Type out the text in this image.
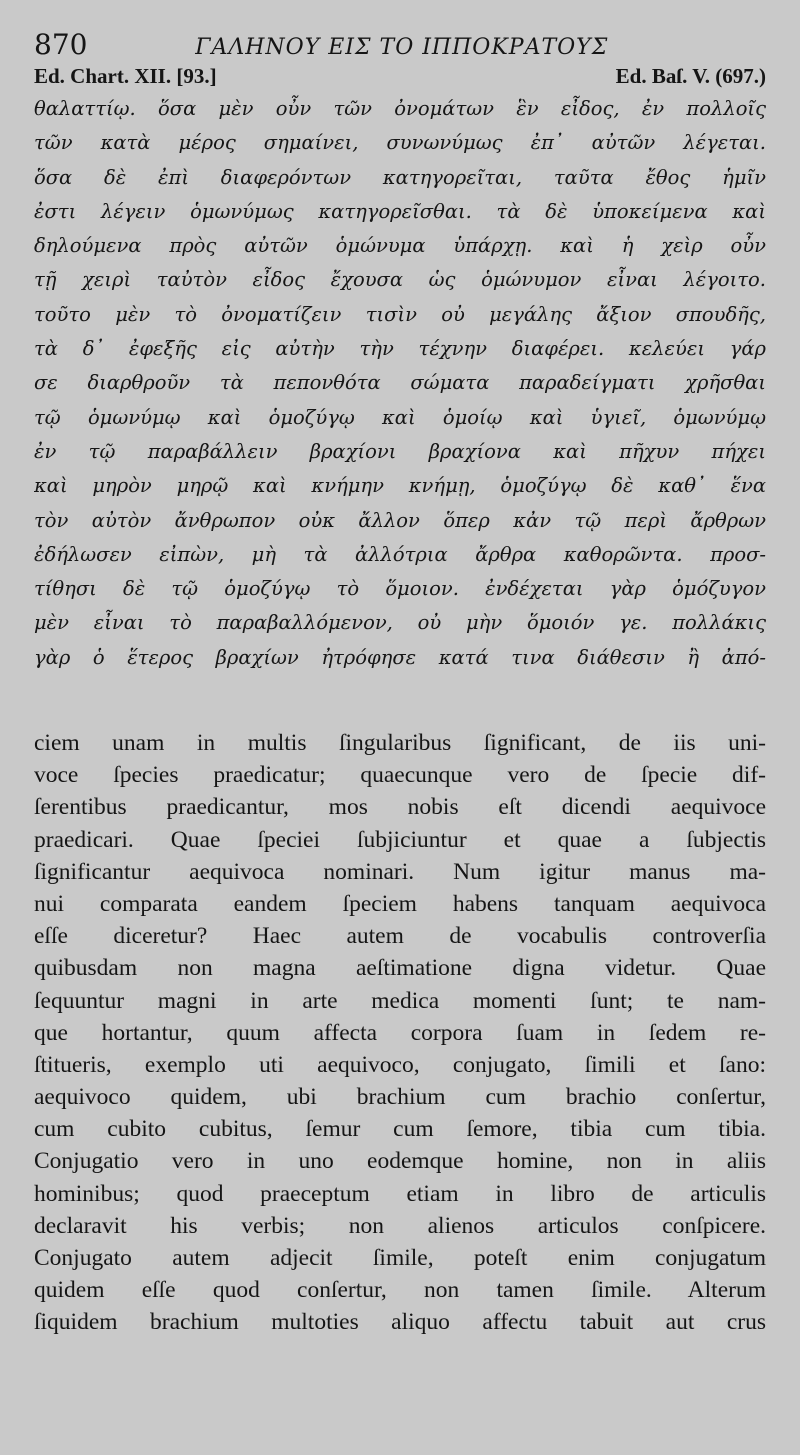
870	ΓΑΛΗΝΟΥ ΕΙΣ ΤΟ ΙΠΠΟΚΡΑΤΟΥΣ
Ed. Chart. XII. [93.]	Ed. Baſ. V. (697.)
θαλαττίῳ. ὅσα μὲν οὖν τῶν ὀνομάτων ἓν εἶδος, ἐν πολλοῖς
τῶν κατὰ μέρος σημαίνει, συνωνύμως ἐπ᾽ αὐτῶν λέγεται.
ὅσα δὲ ἐπὶ διαφερόντων κατηγορεῖται, ταῦτα ἔθος ἡμῖν
ἐστι λέγειν ὁμωνύμως κατηγορεῖσθαι. τὰ δὲ ὑποκείμενα καὶ
δηλούμενα πρὸς αὐτῶν ὁμώνυμα ὑπάρχῃ. καὶ ἡ χεὶρ οὖν
τῇ χειρὶ ταὐτὸν εἶδος ἔχουσα ὡς ὁμώνυμον εἶναι λέγοιτο.
τοῦτο μὲν τὸ ὀνοματίζειν τισὶν οὐ μεγάλης ἄξιον σπουδῆς,
τὰ δ᾽ ἐφεξῆς εἰς αὐτὴν τὴν τέχνην διαφέρει. κελεύει γάρ
σε διαρθροῦν τὰ πεπονθότα σώματα παραδείγματι χρῆσθαι
τῷ ὁμωνύμῳ καὶ ὁμοζύγῳ καὶ ὁμοίῳ καὶ ὑγιεῖ, ὁμωνύμῳ
ἐν τῷ παραβάλλειν βραχίονι βραχίονα καὶ πῆχυν πήχει
καὶ μηρὸν μηρῷ καὶ κνήμην κνήμῃ, ὁμοζύγῳ δὲ καθ᾽ ἕνα
τὸν αὐτὸν ἄνθρωπον οὐκ ἄλλον ὅπερ κἀν τῷ περὶ ἄρθρων
ἐδήλωσεν εἰπὼν, μὴ τὰ ἀλλότρια ἄρθρα καθορῶντα. προσ-
τίθησι δὲ τῷ ὁμοζύγῳ τὸ ὅμοιον. ἐνδέχεται γὰρ ὁμόζυγον
μὲν εἶναι τὸ παραβαλλόμενον, οὐ μὴν ὅμοιόν γε. πολλάκις
γὰρ ὁ ἕτερος βραχίων ἠτρόφησε κατά τινα διάθεσιν ἢ ἀπό-
ciem unam in multis ſingularibus ſignificant, de iis uni-
voce ſpecies praedicatur; quaecunque vero de ſpecie dif-
ſerentibus praedicantur, mos nobis eſt dicendi aequivoce
praedicari. Quae ſpeciei ſubjiciuntur et quae a ſubjectis
ſignificantur aequivoca nominari. Num igitur manus ma-
nui comparata eandem ſpeciem habens tanquam aequivoca
eſſe diceretur? Haec autem de vocabulis controverſia
quibusdam non magna aeſtimatione digna videtur. Quae
ſequuntur magni in arte medica momenti ſunt; te nam-
que hortantur, quum affecta corpora ſuam in ſedem re-
ſtitueris, exemplo uti aequivoco, conjugato, ſimili et ſano:
aequivoco quidem, ubi brachium cum brachio conſertur,
cum cubito cubitus, ſemur cum ſemore, tibia cum tibia.
Conjugatio vero in uno eodemque homine, non in aliis
hominibus; quod praeceptum etiam in libro de articulis
declaravit his verbis; non alienos articulos conſpicere.
Conjugato autem adjecit ſimile, poteſt enim conjugatum
quidem eſſe quod conſertur, non tamen ſimile. Alterum
ſiquidem brachium multoties aliquo affectu tabuit aut crus
